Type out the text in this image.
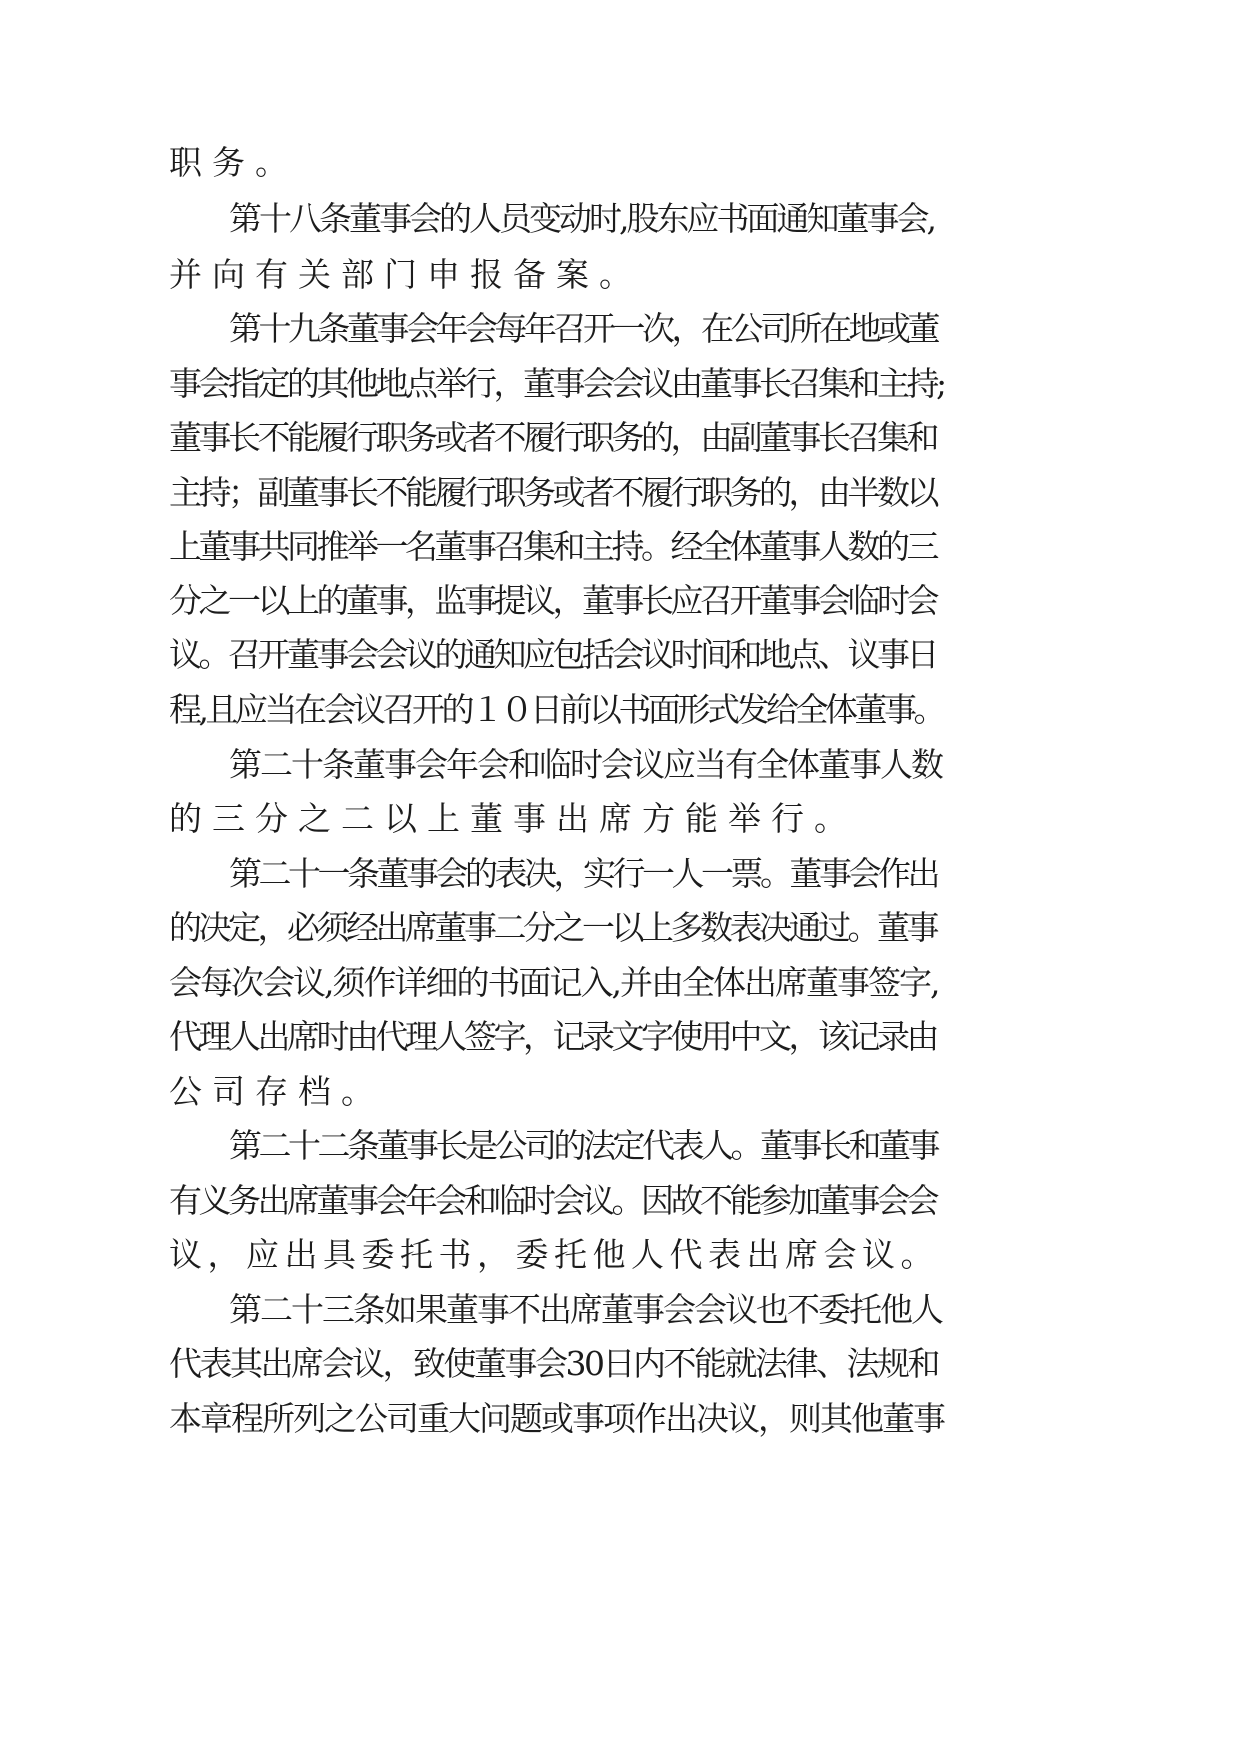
职务。
第十八条董事会的人员变动时,股东应书面通知董事会,
并向有关部门申报备案。
第十九条董事会年会每年召开一次，在公司所在地或董
事会指定的其他地点举行，董事会会议由董事长召集和主持;
董事长不能履行职务或者不履行职务的，由副董事长召集和
主持；副董事长不能履行职务或者不履行职务的，由半数以
上董事共同推举一名董事召集和主持。经全体董事人数的三
分之一以上的董事，监事提议，董事长应召开董事会临时会
议。召开董事会会议的通知应包括会议时间和地点、议事日
程,且应当在会议召开的１０日前以书面形式发给全体董事。
第二十条董事会年会和临时会议应当有全体董事人数
的三分之二以上董事出席方能举行。
第二十一条董事会的表决，实行一人一票。董事会作出
的决定，必须经出席董事二分之一以上多数表决通过。董事
会每次会议,须作详细的书面记入,并由全体出席董事签字,
代理人出席时由代理人签字，记录文字使用中文，该记录由
公司存档。
第二十二条董事长是公司的法定代表人。董事长和董事
有义务出席董事会年会和临时会议。因故不能参加董事会会
议，应出具委托书，委托他人代表出席会议。
第二十三条如果董事不出席董事会会议也不委托他人
代表其出席会议，致使董事会30日内不能就法律、法规和
本章程所列之公司重大问题或事项作出决议，则其他董事
